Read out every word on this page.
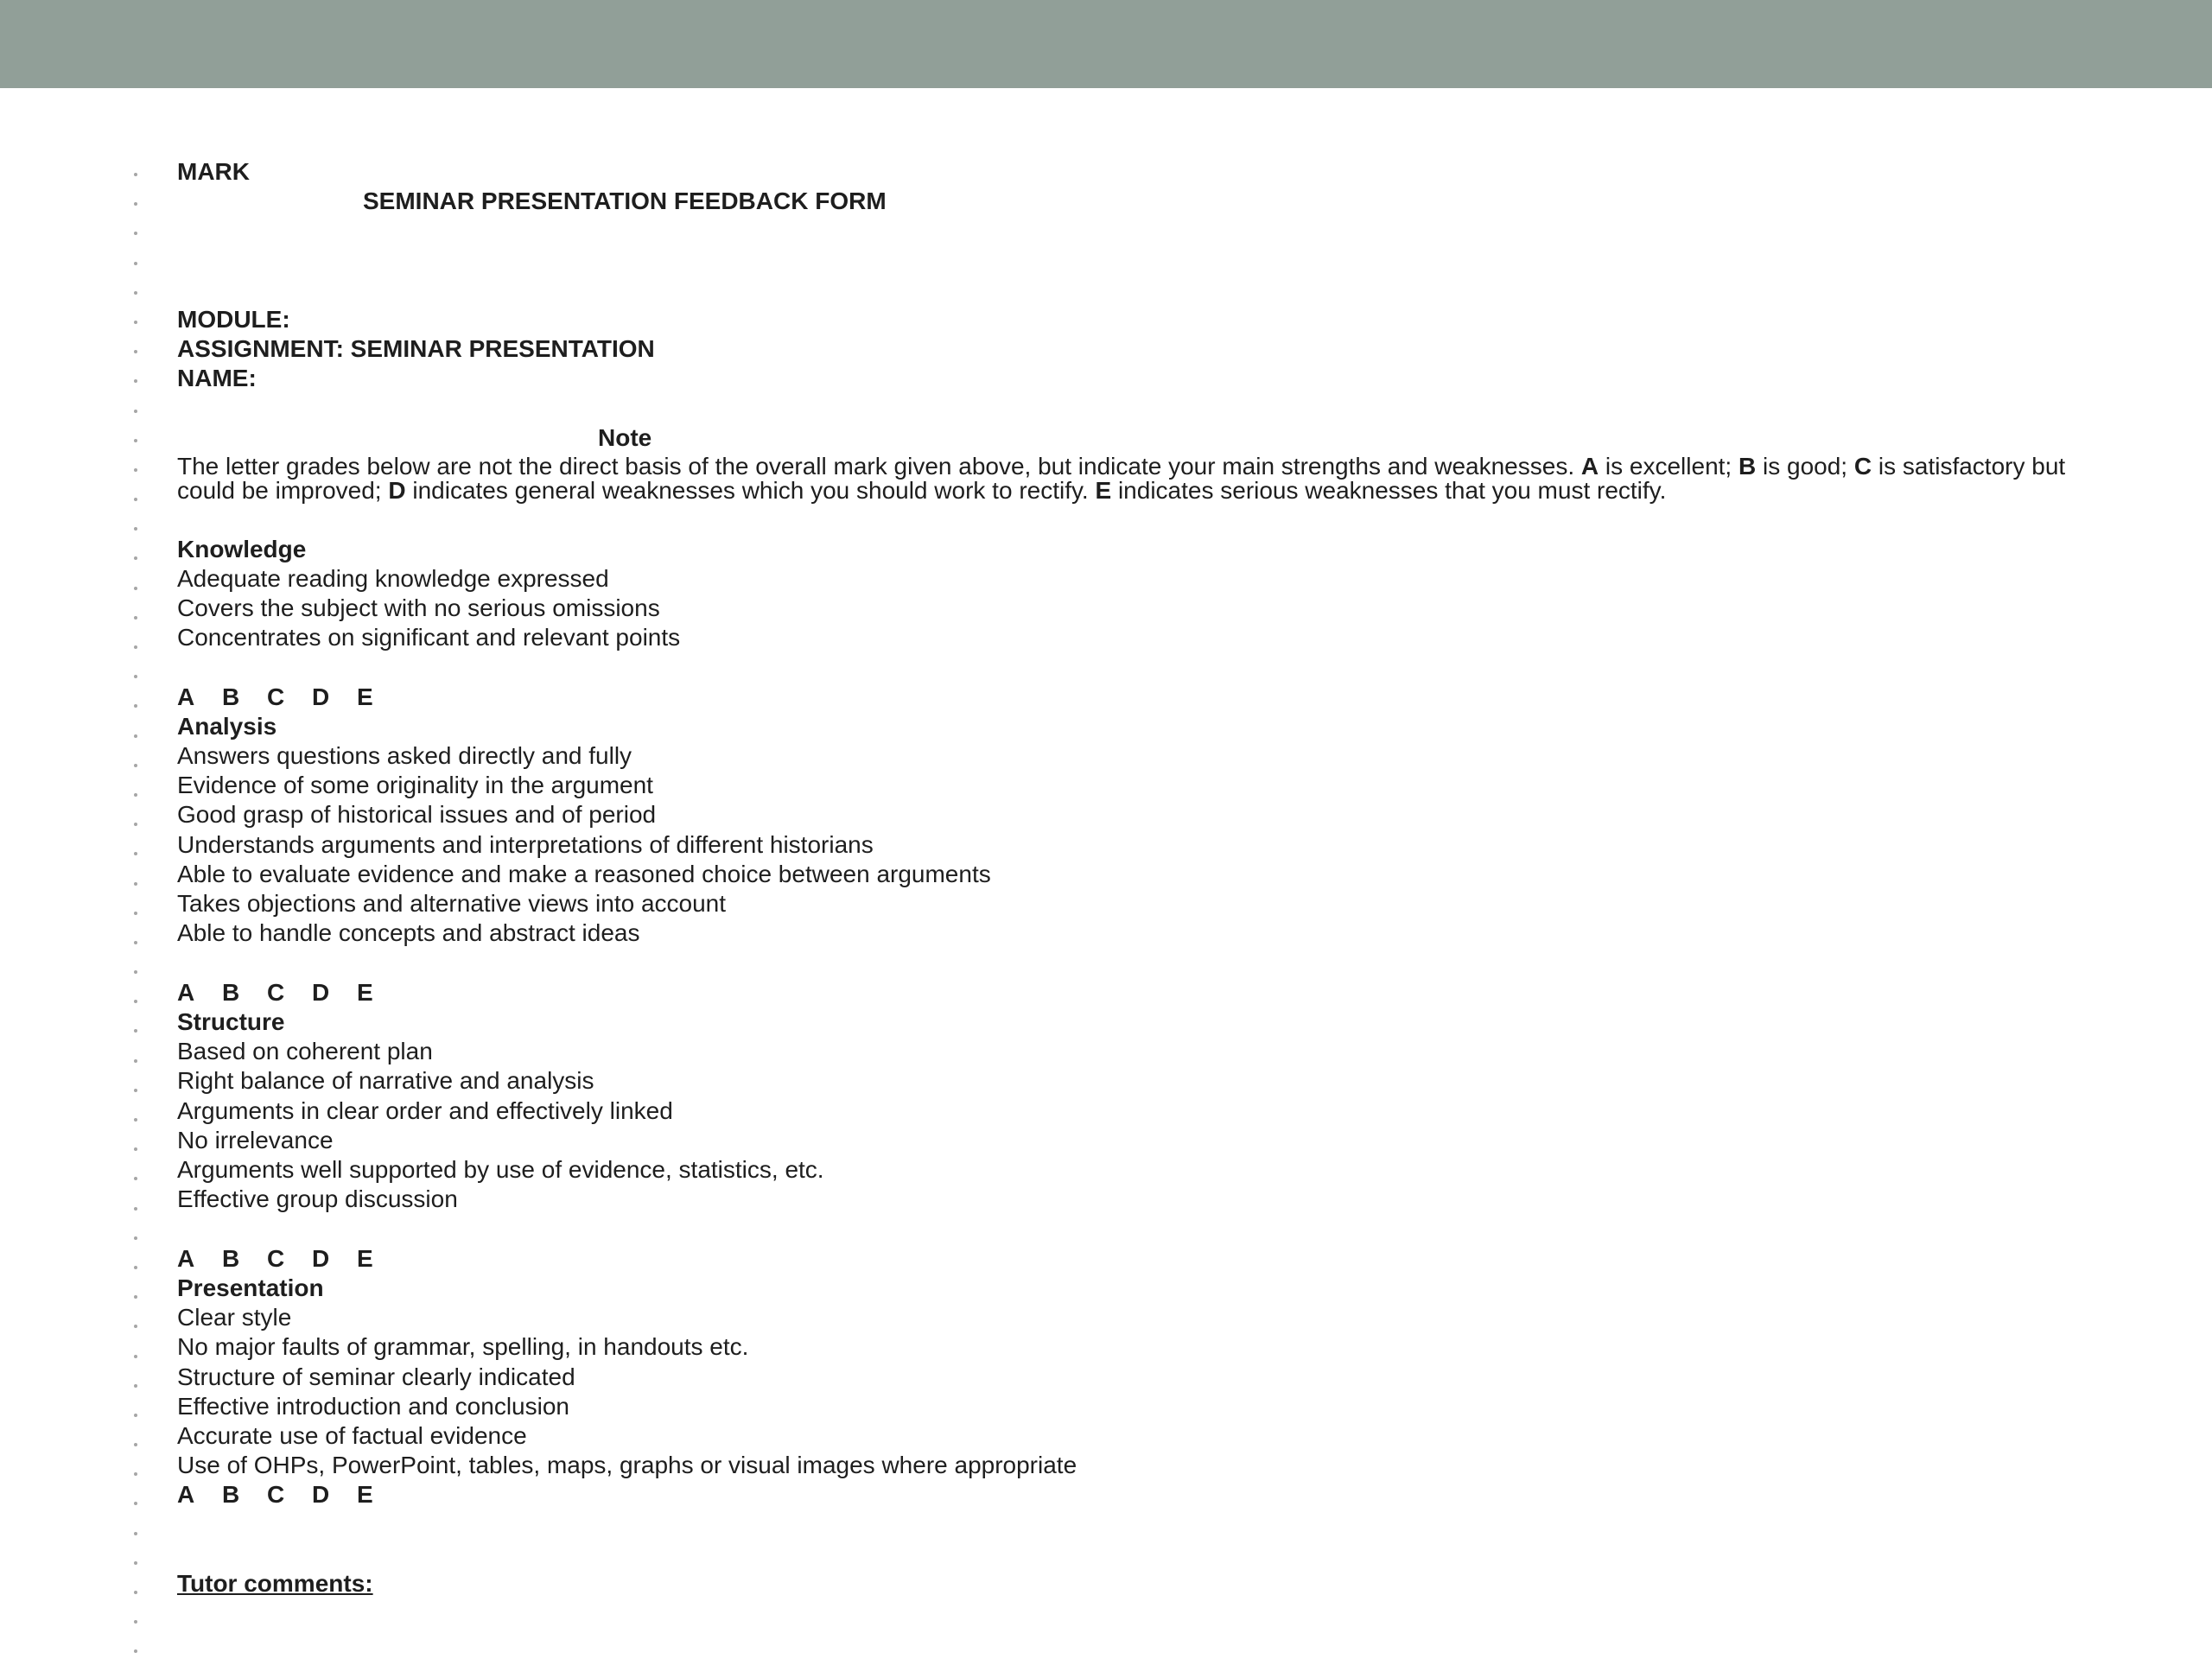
MARK
SEMINAR PRESENTATION FEEDBACK FORM
MODULE:
ASSIGNMENT: SEMINAR PRESENTATION
NAME:
Note
The letter grades below are not the direct basis of the overall mark given above, but indicate your main strengths and weaknesses. A is excellent; B is good; C is satisfactory but could be improved; D indicates general weaknesses which you should work to rectify. E indicates serious weaknesses that you must rectify.
Knowledge
Adequate reading knowledge expressed
Covers the subject with no serious omissions
Concentrates on significant and relevant points
A B C D E
Analysis
Answers questions asked directly and fully
Evidence of some originality in the argument
Good grasp of historical issues and of period
Understands arguments and interpretations of different historians
Able to evaluate evidence and make a reasoned choice between arguments
Takes objections and alternative views into account
Able to handle concepts and abstract ideas
A B C D E
Structure
Based on coherent plan
Right balance of narrative and analysis
Arguments in clear order and effectively linked
No irrelevance
Arguments well supported by use of evidence, statistics, etc.
Effective group discussion
A B C D E
Presentation
Clear style
No major faults of grammar, spelling, in handouts etc.
Structure of seminar clearly indicated
Effective introduction and conclusion
Accurate use of factual evidence
Use of OHPs, PowerPoint, tables, maps, graphs or visual images where appropriate
A B C D E
Tutor comments:
